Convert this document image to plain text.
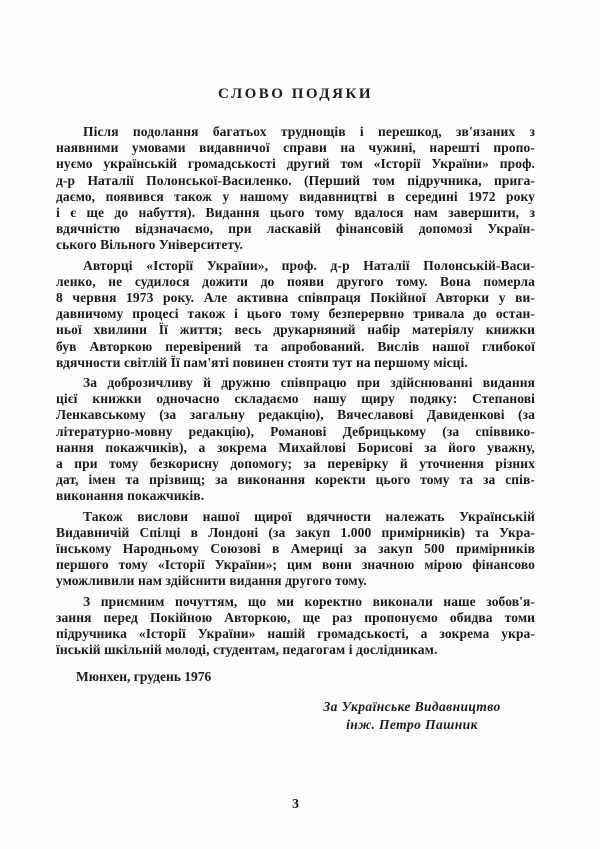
СЛОВО ПОДЯКИ
Після подолання багатьох труднощів і перешкод, зв'язаних з
наявними умовами видавничої справи на чужині, нарешті пропо-
нуємо українській громадськості другий том «Історії України» проф.
д-р Наталії Полонської-Василенко. (Перший том підручника, прига-
даємо, появився також у нашому видавництві в середині 1972 року
і є ще до набуття). Видання цього тому вдалося нам завершити, з
вдячністю відзначаємо, при ласкавій фінансовій допомозі Україн-
ського Вільного Університету.
Авторці «Історії України», проф. д-р Наталії Полонській-Васи-
ленко, не судилося дожити до появи другого тому. Вона померла
8 червня 1973 року. Але активна співпраця Покійної Авторки у ви-
давничому процесі також і цього тому безперервно тривала до остан-
ньої хвилини Її життя; весь друкарняний набір матеріялу книжки
був Авторкою перевірений та апробований. Вислів нашої глибокої
вдячности світлій Її пам'яті повинен стояти тут на першому місці.
За доброзичливу й дружню співпрацю при здійснюванні видання
цієї книжки одночасно складаємо нашу щиру подяку: Степанові
Ленкавському (за загальну редакцію), Вячеславові Давиденкові (за
літературно-мовну редакцію), Романові Дебрицькому (за співвико-
нання покажчиків), а зокрема Михайлові Борисові за його уважну,
а при тому безкорисну допомогу; за перевірку й уточнення різних
дат, імен та прізвищ; за виконання коректи цього тому та за спів-
виконання покажчиків.
Також вислови нашої щирої вдячности належать Українській
Видавничій Спілці в Лондоні (за закуп 1.000 примірників) та Укра-
їнському Народньому Союзові в Америці за закуп 500 примірників
першого тому «Історії України»; цим вони значною мірою фінансово
уможливили нам здійснити видання другого тому.
З приємним почуттям, що ми коректно виконали наше зобов'я-
зання перед Покійною Авторкою, ще раз пропонуємо обидва томи
підручника «Історії України» нашій громадськості, а зокрема укра-
їнській шкільній молоді, студентам, педагогам і дослідникам.
Мюнхен, грудень 1976
За Українське Видавництво
інж. Петро Пашник
3
